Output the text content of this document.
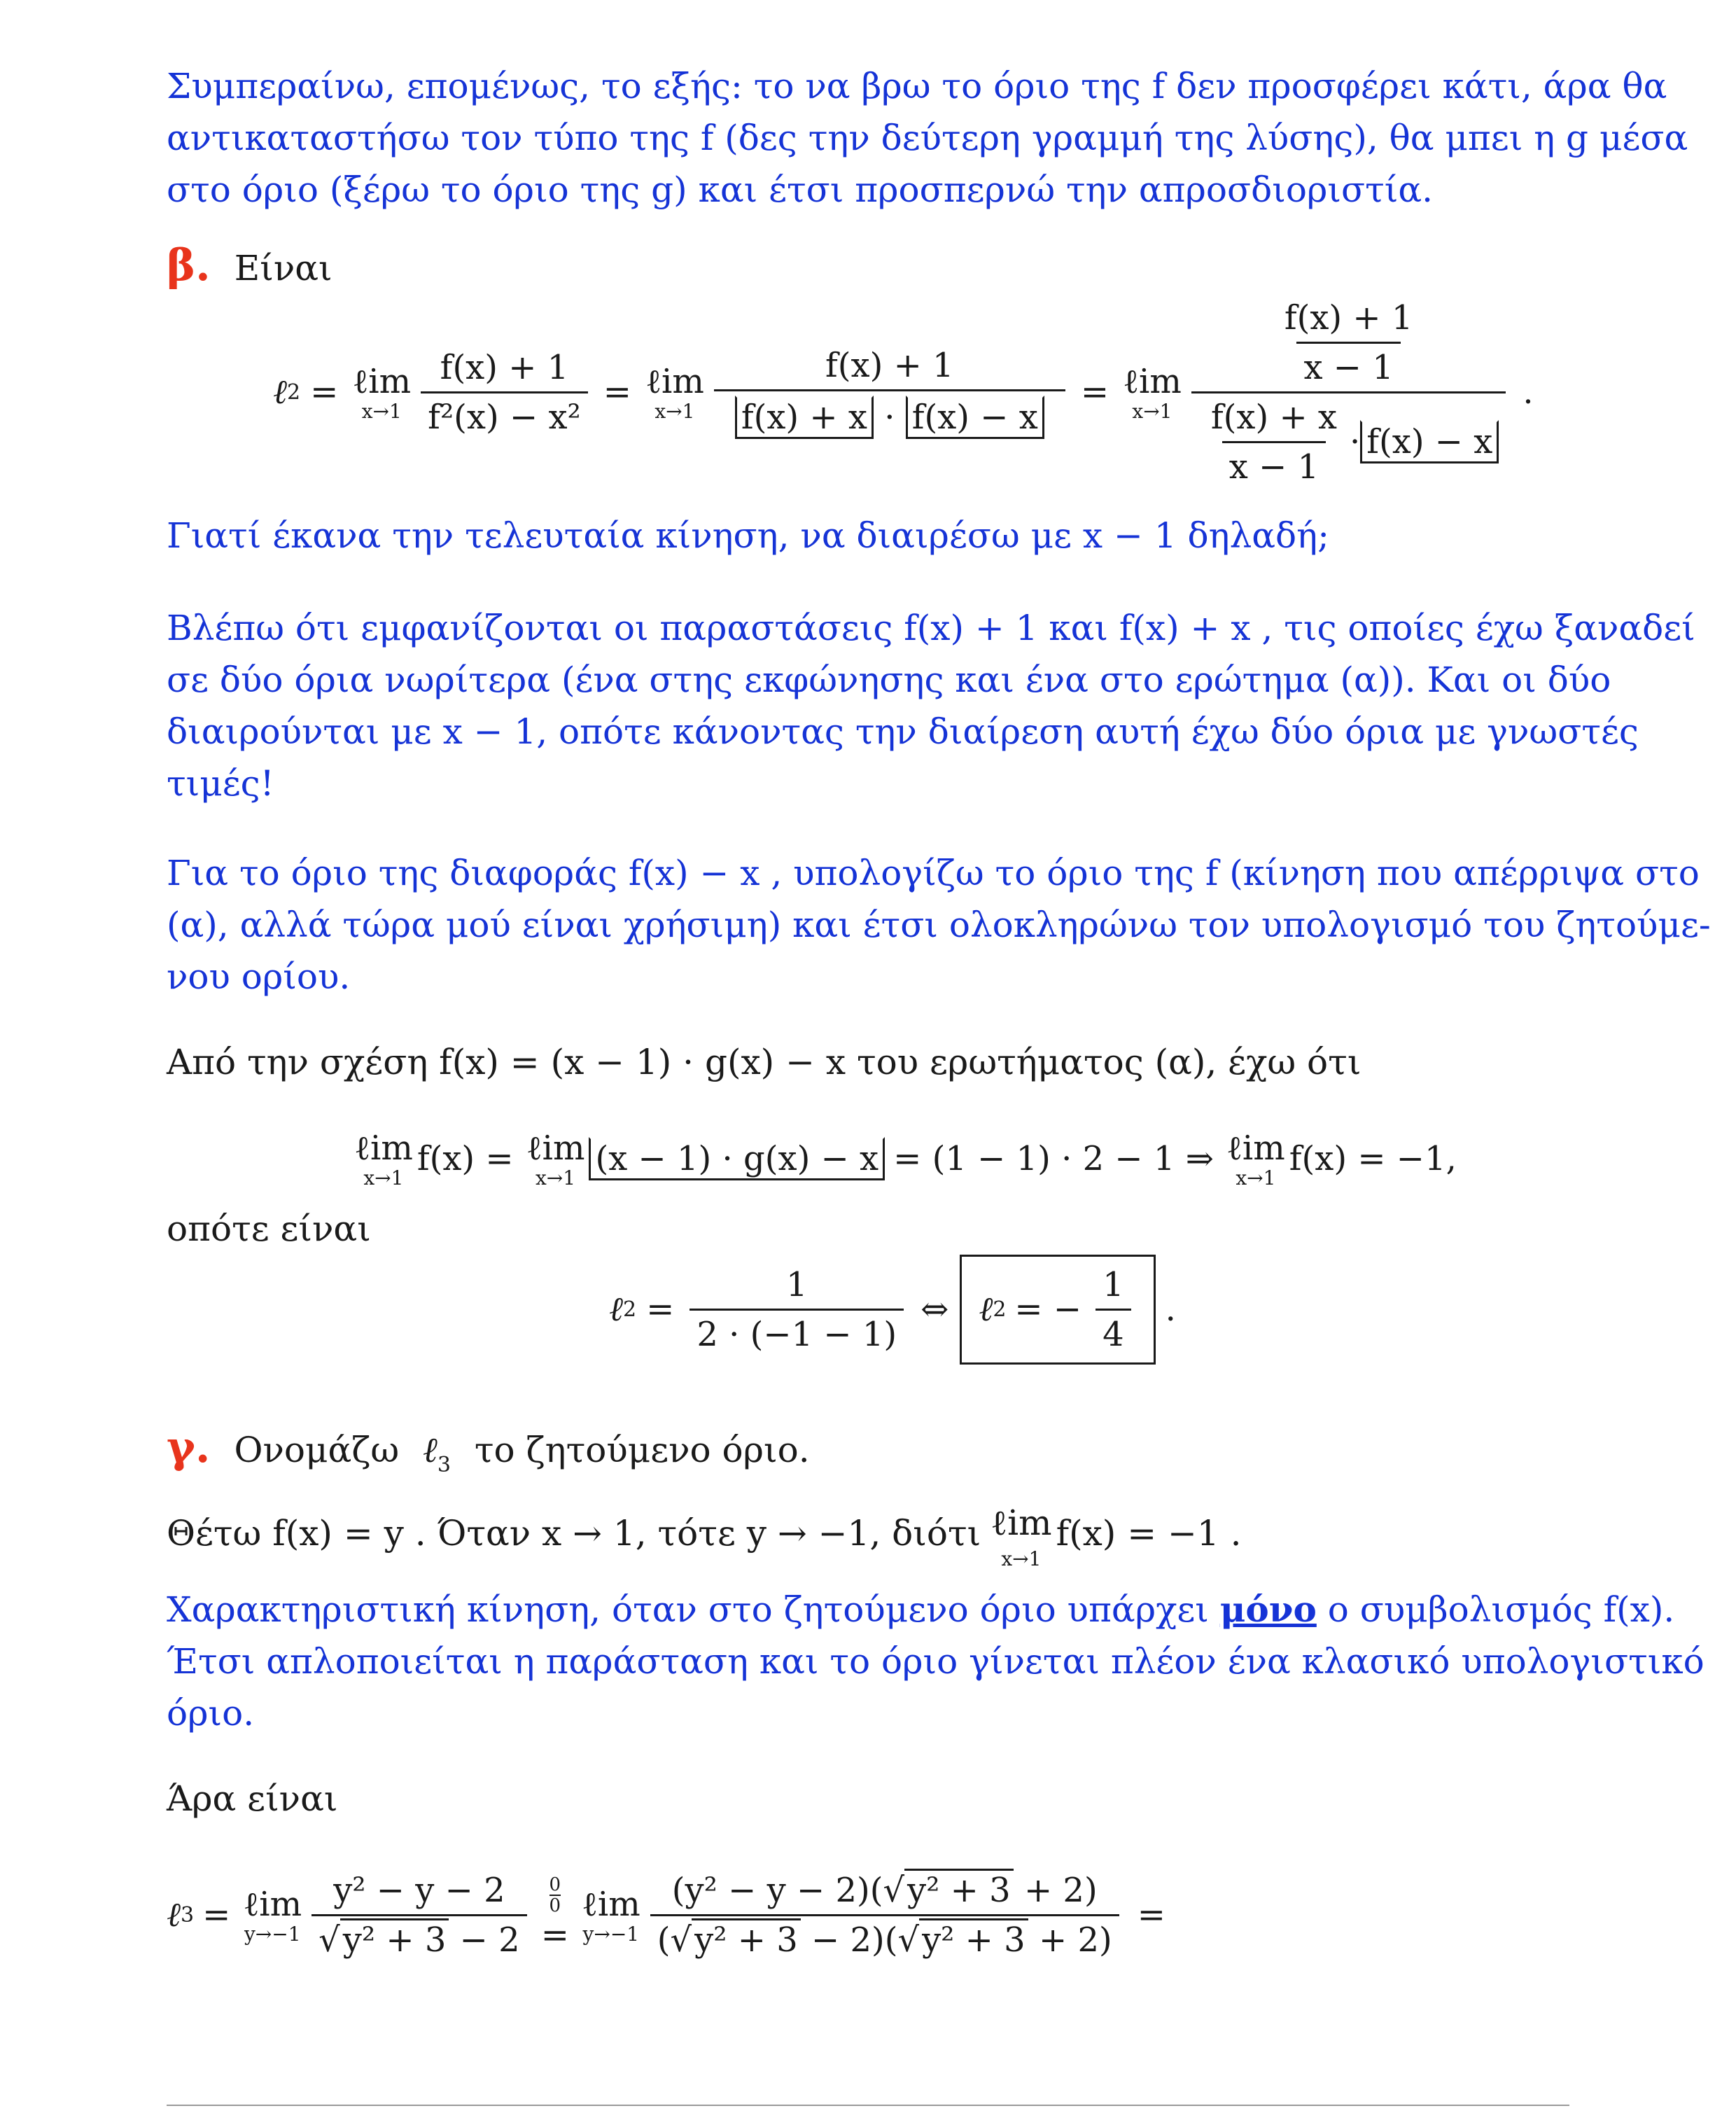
Συμπεραίνω, επομένως, το εξής: το να βρω το όριο της f δεν προσφέρει κάτι, άρα θα
αντικαταστήσω τον τύπο της f (δες την δεύτερη γραμμή της λύσης), θα μπει η g μέσα
στο όριο (ξέρω το όριο της g) και έτσι προσπερνώ την απροσδιοριστία.
β. Είναι
ℓ 2 = ℓim
$x\to 1 \frac{f(x) + 1}{\text{f²(x) − x²}}$ = ℓim
$x\to 1 \frac{f(x) + 1}{f(x) + x \cdot f(x) - x}$ = ℓim
$x\to 1 \frac{\frac{f(x) + 1}{x - 1}}{\frac{f(x) + x}{x - 1} \cdot f(x) - x}$ .
Γιατί έκανα την τελευταία κίνηση, να διαιρέσω με x − 1 δηλαδή;
Βλέπω ότι εμφανίζονται οι παραστάσεις f(x) + 1 και f(x) + x , τις οποίες έχω ξαναδεί
σε δύο όρια νωρίτερα (ένα στης εκφώνησης και ένα στο ερώτημα (α)). Και οι δύο
διαιρούνται με x − 1, οπότε κάνοντας την διαίρεση αυτή έχω δύο όρια με γνωστές
τιμές!
Για το όριο της διαφοράς f(x) − x , υπολογίζω το όριο της f (κίνηση που απέρριψα στο
(α), αλλά τώρα μού είναι χρήσιμη) και έτσι ολοκληρώνω τον υπολογισμό του ζητούμε-
νου ορίου.
Από την σχέση f(x) = (x − 1) · g(x) − x του ερωτήματος (α), έχω ότι
ℓim
x→1 f(x) = ℓim
x→1 (x − 1) · g(x) − x = (1 − 1) · 2 − 1 ⇒ ℓim
x→1 f(x) = −1,
οπότε είναι
ℓ $2 = \frac{1}{2 \cdot (-1 - 1)}$ ⇔ ℓ 2 = − $\frac{1}{4}$ .
γ. Ονομάζω ℓ$_3$ το ζητούμενο όριο.
Θέτω f(x) = y . Όταν x → 1, τότε y → −1, διότι ℓim
x→1
f(x) = −1 .
Χαρακτηριστική κίνηση, όταν στο ζητούμενο όριο υπάρχει μόνο ο συμβολισμός f(x).
Έτσι απλοποιείται η παράσταση και το όριο γίνεται πλέον ένα κλασικό υπολογιστικό
όριο.
Άρα είναι
ℓ 3 = ℓim
$y\to-1 \frac{\text{y² − y − 2}}{\text{√y² + 3 − 2}} 0$
0
=
ℓim
$y\to-1 \frac{\text{(y² − y − 2)(√y² + 3 + 2)}}{\text{(√y² + 3 − 2)(√y² + 3 + 2)}}$ =
